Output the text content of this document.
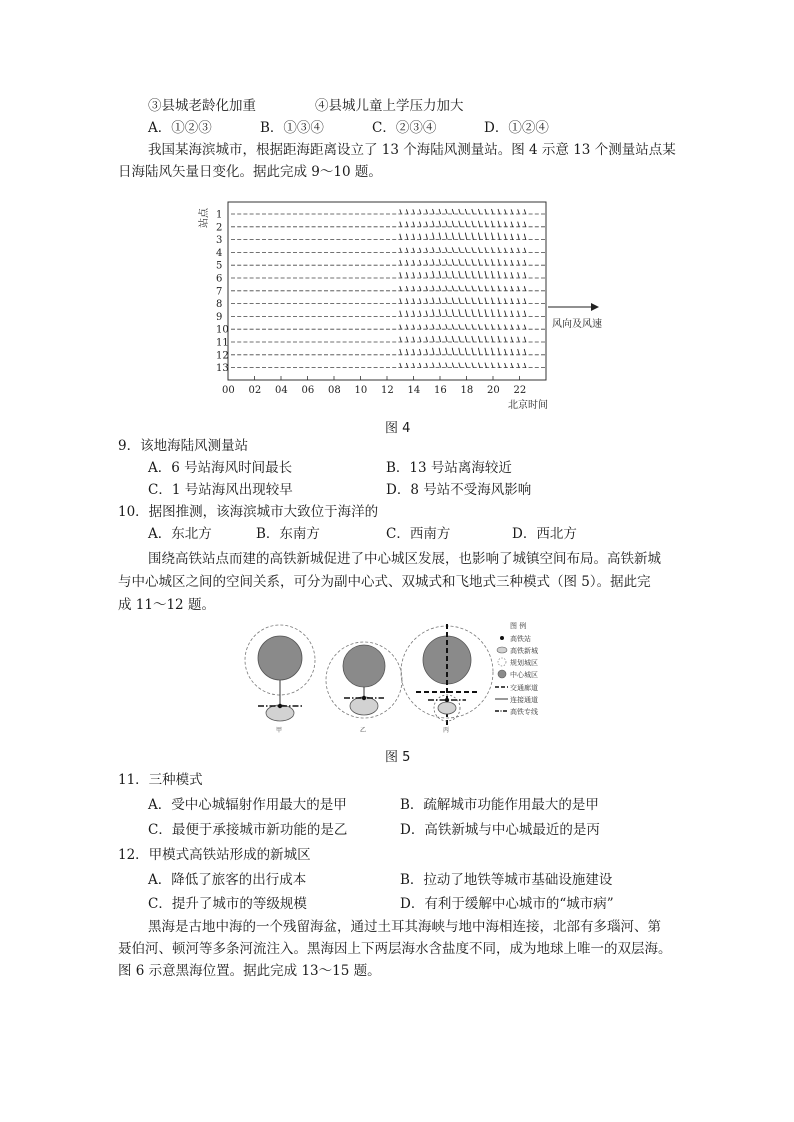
③县城老龄化加重	④县城儿童上学压力加大
A．①②③	B．①③④	C．②③④	D．①②④
我国某海滨城市，根据距海距离设立了 13 个海陆风测量站。图 4 示意 13 个测量站点某
日海陆风矢量日变化。据此完成 9～10 题。
1
2
3
4
5
6
7
8
9
10
11
12
13
00 02 04 06 08 10 12 14 16 18 20 22
站点
风向及风速
北京时间
图 4
9．该地海陆风测量站
A．6 号站海风时间最长	B．13 号站离海较近
C．1 号站海风出现较早	D．8 号站不受海风影响
10．据图推测，该海滨城市大致位于海洋的
A．东北方	B．东南方	C．西南方	D．西北方
围绕高铁站点而建的高铁新城促进了中心城区发展，也影响了城镇空间布局。高铁新城
与中心城区之间的空间关系，可分为副中心式、双城式和飞地式三种模式（图 5）。据此完
成 11～12 题。
甲	乙	丙
图 例
高铁站
高铁新城
规划城区
中心城区
交通廊道
连接通道
高铁专线
图 5
11．三种模式
A．受中心城辐射作用最大的是甲	B．疏解城市功能作用最大的是甲
C．最便于承接城市新功能的是乙	D．高铁新城与中心城最近的是丙
12．甲模式高铁站形成的新城区
A．降低了旅客的出行成本	B．拉动了地铁等城市基础设施建设
C．提升了城市的等级规模	D．有利于缓解中心城市的“城市病”
黑海是古地中海的一个残留海盆，通过土耳其海峡与地中海相连接，北部有多瑙河、第
聂伯河、顿河等多条河流注入。黑海因上下两层海水含盐度不同，成为地球上唯一的双层海。
图 6 示意黑海位置。据此完成 13～15 题。
